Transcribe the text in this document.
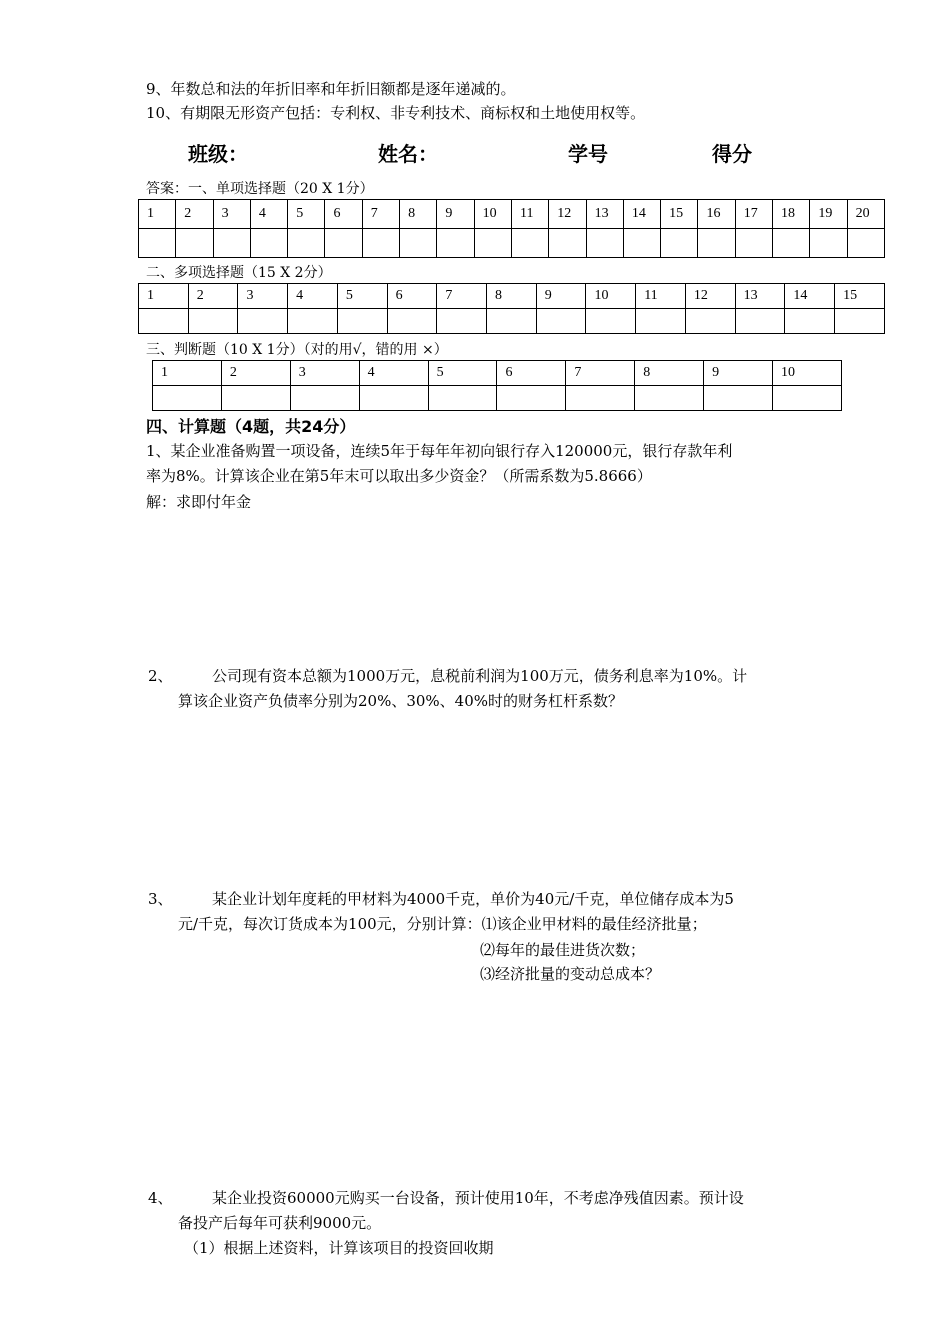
9、年数总和法的年折旧率和年折旧额都是逐年递减的。
10、有期限无形资产包括：专利权、非专利技术、商标权和土地使用权等。
班级：	姓名：	学号	得分
答案：一、单项选择题（20 X 1分）
1	2	3	4	5	6	7	8	9	10	11	12	13	14	15	16	17	18	19	20

二、多项选择题（15 X 2分）
1	2	3	4	5	6	7	8	9	10	11	12	13	14	15

三、判断题（10 X 1分）（对的用√，错的用 ×）
1	2	3	4	5	6	7	8	9	10

四、计算题（4题，共24分）
1、某企业准备购置一项设备，连续5年于每年年初向银行存入120000元，银行存款年利
率为8%。计算该企业在第5年末可以取出多少资金？（所需系数为5.8666）
解：求即付年金
2、	公司现有资本总额为1000万元，息税前利润为100万元，债务利息率为10%。计
算该企业资产负债率分别为20%、30%、40%时的财务杠杆系数？
3、	某企业计划年度耗的甲材料为4000千克，单价为40元/千克，单位储存成本为5
元/千克，每次订货成本为100元，分别计算：⑴该企业甲材料的最佳经济批量；
⑵每年的最佳进货次数；
⑶经济批量的变动总成本？
4、	某企业投资60000元购买一台设备，预计使用10年，不考虑净残值因素。预计设
备投产后每年可获利9000元。
（1）根据上述资料，计算该项目的投资回收期
